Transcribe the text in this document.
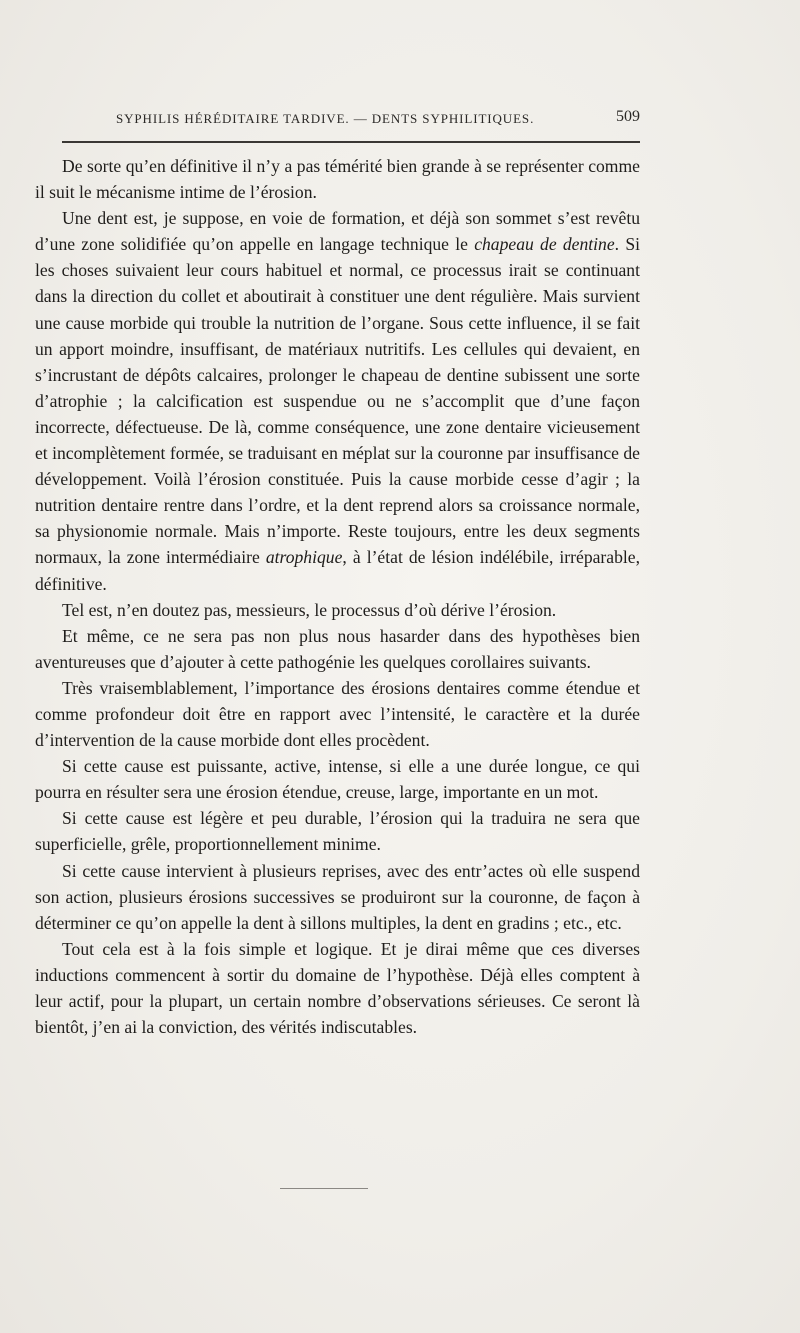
SYPHILIS HÉRÉDITAIRE TARDIVE. — DENTS SYPHILITIQUES.	509

De sorte qu’en définitive il n’y a pas témérité bien grande à se représenter comme il suit le mécanisme intime de l’érosion.

Une dent est, je suppose, en voie de formation, et déjà son sommet s’est revêtu d’une zone solidifiée qu’on appelle en langage technique le chapeau de dentine. Si les choses suivaient leur cours habituel et normal, ce processus irait se continuant dans la direction du collet et aboutirait à constituer une dent régulière. Mais survient une cause morbide qui trouble la nutrition de l’organe. Sous cette influence, il se fait un apport moindre, insuffisant, de matériaux nutritifs. Les cellules qui devaient, en s’incrustant de dépôts calcaires, prolonger le chapeau de dentine subissent une sorte d’atrophie ; la calcification est suspendue ou ne s’accomplit que d’une façon incorrecte, défectueuse. De là, comme conséquence, une zone dentaire vicieusement et incomplètement formée, se traduisant en méplat sur la couronne par insuffisance de développement. Voilà l’érosion constituée. Puis la cause morbide cesse d’agir ; la nutrition dentaire rentre dans l’ordre, et la dent reprend alors sa croissance normale, sa physionomie normale. Mais n’importe. Reste toujours, entre les deux segments normaux, la zone intermédiaire atrophique, à l’état de lésion indélébile, irréparable, définitive.

Tel est, n’en doutez pas, messieurs, le processus d’où dérive l’érosion.

Et même, ce ne sera pas non plus nous hasarder dans des hypothèses bien aventureuses que d’ajouter à cette pathogénie les quelques corollaires suivants.

Très vraisemblablement, l’importance des érosions dentaires comme étendue et comme profondeur doit être en rapport avec l’intensité, le caractère et la durée d’intervention de la cause morbide dont elles procèdent.

Si cette cause est puissante, active, intense, si elle a une durée longue, ce qui pourra en résulter sera une érosion étendue, creuse, large, importante en un mot.

Si cette cause est légère et peu durable, l’érosion qui la traduira ne sera que superficielle, grêle, proportionnellement minime.

Si cette cause intervient à plusieurs reprises, avec des entr’actes où elle suspend son action, plusieurs érosions successives se produiront sur la couronne, de façon à déterminer ce qu’on appelle la dent à sillons multiples, la dent en gradins ; etc., etc.

Tout cela est à la fois simple et logique. Et je dirai même que ces diverses inductions commencent à sortir du domaine de l’hypothèse. Déjà elles comptent à leur actif, pour la plupart, un certain nombre d’observations sérieuses. Ce seront là bientôt, j’en ai la conviction, des vérités indiscutables.
